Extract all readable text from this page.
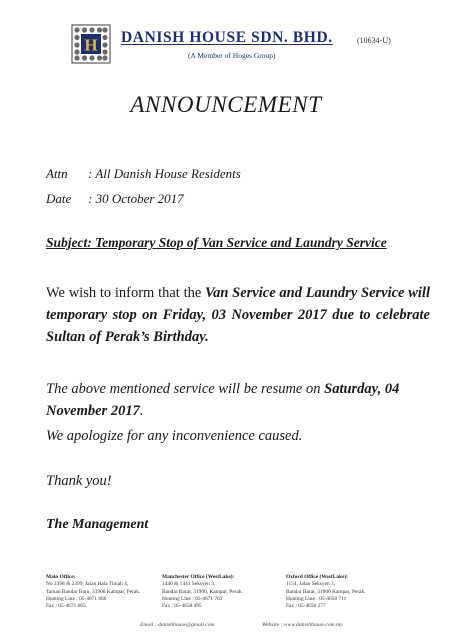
H DANISH HOUSE SDN. BHD.	(10634-U)
(A Member of Hoges Group)
ANNOUNCEMENT
Attn : All Danish House Residents
Date : 30 October 2017
Subject: Temporary Stop of Van Service and Laundry Service
We wish to inform that the Van Service and Laundry Service will temporary stop on Friday, 03 November 2017 due to celebrate Sultan of Perak’s Birthday.
The above mentioned service will be resume on Saturday, 04 November 2017.
We apologize for any inconvenience caused.
Thank you!
The Management
Main Office:
No 2398 & 2399, Jalan Hala Timah 4,
Taman Bandar Baru, 31900 Kampar, Perak.
Hunting Line : 05-4671 666
Fax : 05-4671 665
Manchester Office (WestLake):
1440 & 1441 Seksyen 3,
Bandar Barat, 31900, Kampar, Perak.
Hunting Line : 05-4671 763
Fax : 05-4658 495
Oxford Office (WestLake):
1154, Jalan Seksyen 3,
Bandar Barat, 31900 Kampar, Perak.
Hunting Line : 05-4658 711
Fax : 05-4658 277
Email : danishhouse@gmail.com	Website : www.danishhouse.com.my
